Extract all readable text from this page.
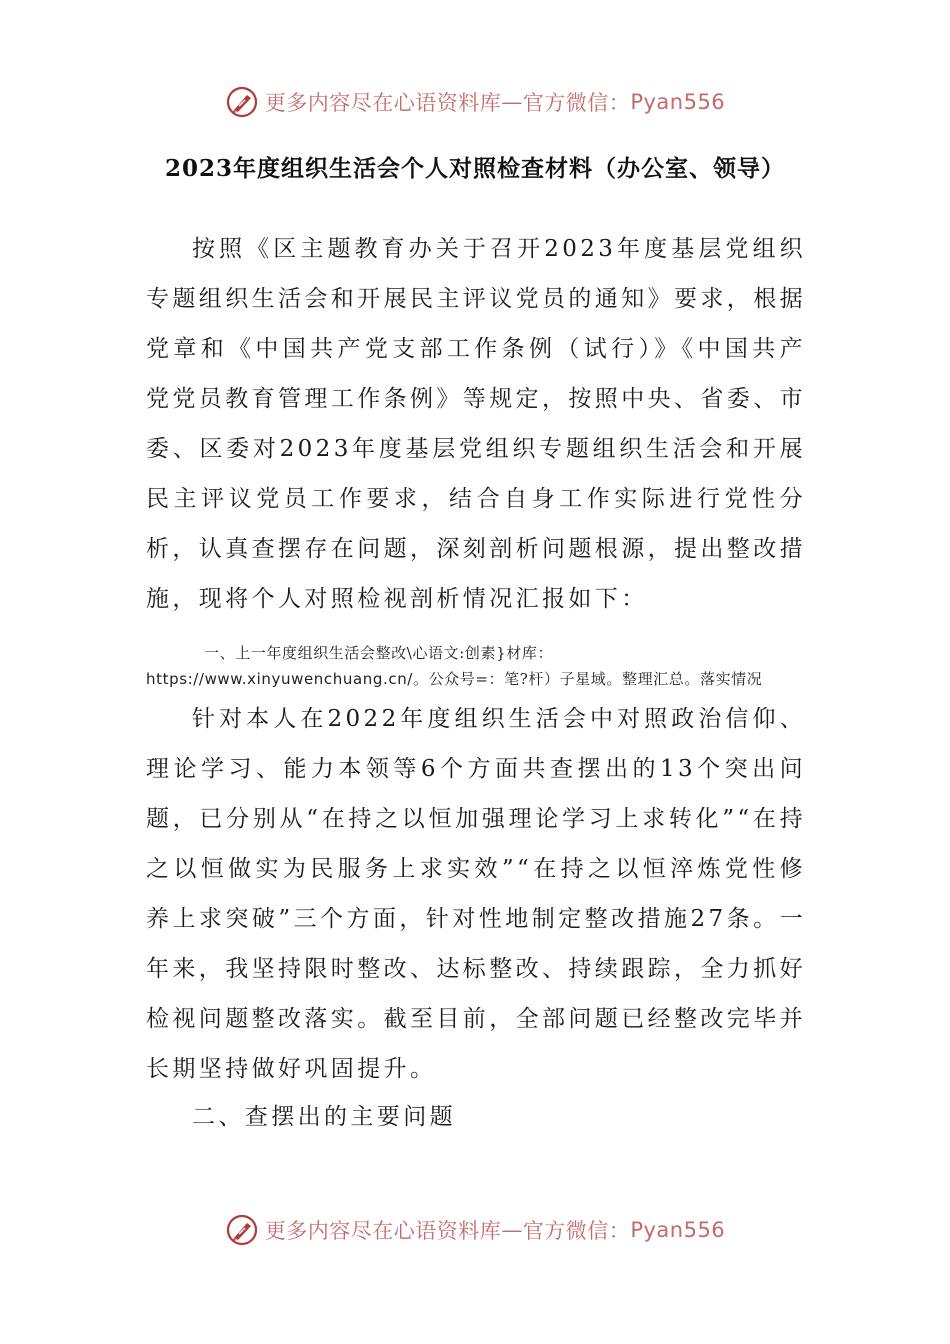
更多内容尽在心语资料库 — 官方微信： Pyan556
2023年度组织生活会个人对照检查材料（办公室、领导）

按照《区主题教育办关于召开2023年度基层党组织专题组织生活会和开展民主评议党员的通知》要求，根据党章和《中国共产党支部工作条例（试行）》《中国共产党党员教育管理工作条例》等规定，按照中央、省委、市委、区委对2023年度基层党组织专题组织生活会和开展民主评议党员工作要求，结合自身工作实际进行党性分析，认真查摆存在问题，深刻剖析问题根源，提出整改措施，现将个人对照检视剖析情况汇报如下：

一、上一年度组织生活会整改\心语文:创素}材库：https://www.xinyuwenchuang.cn/。公众号=：笔?杆）子星域。整理汇总。落实情况

针对本人在2022年度组织生活会中对照政治信仰、理论学习、能力本领等6个方面共查摆出的13个突出问题，已分别从“在持之以恒加强理论学习上求转化”“在持之以恒做实为民服务上求实效”“在持之以恒淬炼党性修养上求突破”三个方面，针对性地制定整改措施27条。一年来，我坚持限时整改、达标整改、持续跟踪，全力抓好检视问题整改落实。截至目前，全部问题已经整改完毕并长期坚持做好巩固提升。

二、查摆出的主要问题

更多内容尽在心语资料库 — 官方微信： Pyan556
